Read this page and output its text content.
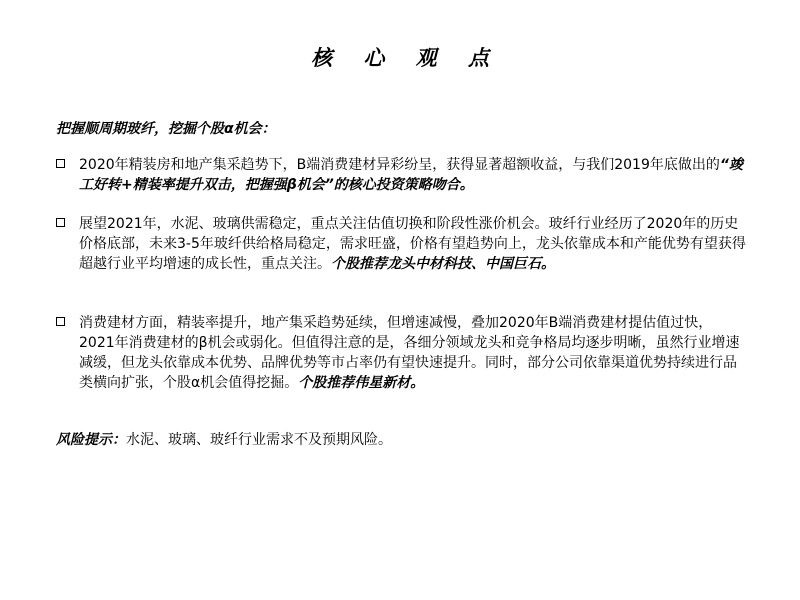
核 心 观 点
把握顺周期玻纤，挖掘个股α机会：
2020年精装房和地产集采趋势下，B端消费建材异彩纷呈，获得显著超额收益，与我们2019年底做出的“竣工好转+精装率提升双击，把握强β机会”的核心投资策略吻合。
展望2021年，水泥、玻璃供需稳定，重点关注估值切换和阶段性涨价机会。玻纤行业经历了2020年的历史价格底部，未来3-5年玻纤供给格局稳定，需求旺盛，价格有望趋势向上，龙头依靠成本和产能优势有望获得超越行业平均增速的成长性，重点关注。个股推荐龙头中材科技、中国巨石。
消费建材方面，精装率提升，地产集采趋势延续，但增速减慢，叠加2020年B端消费建材提估值过快，2021年消费建材的β机会或弱化。但值得注意的是，各细分领域龙头和竞争格局均逐步明晰，虽然行业增速减缓，但龙头依靠成本优势、品牌优势等市占率仍有望快速提升。同时，部分公司依靠渠道优势持续进行品类横向扩张，个股α机会值得挖掘。个股推荐伟星新材。
风险提示：水泥、玻璃、玻纤行业需求不及预期风险。
